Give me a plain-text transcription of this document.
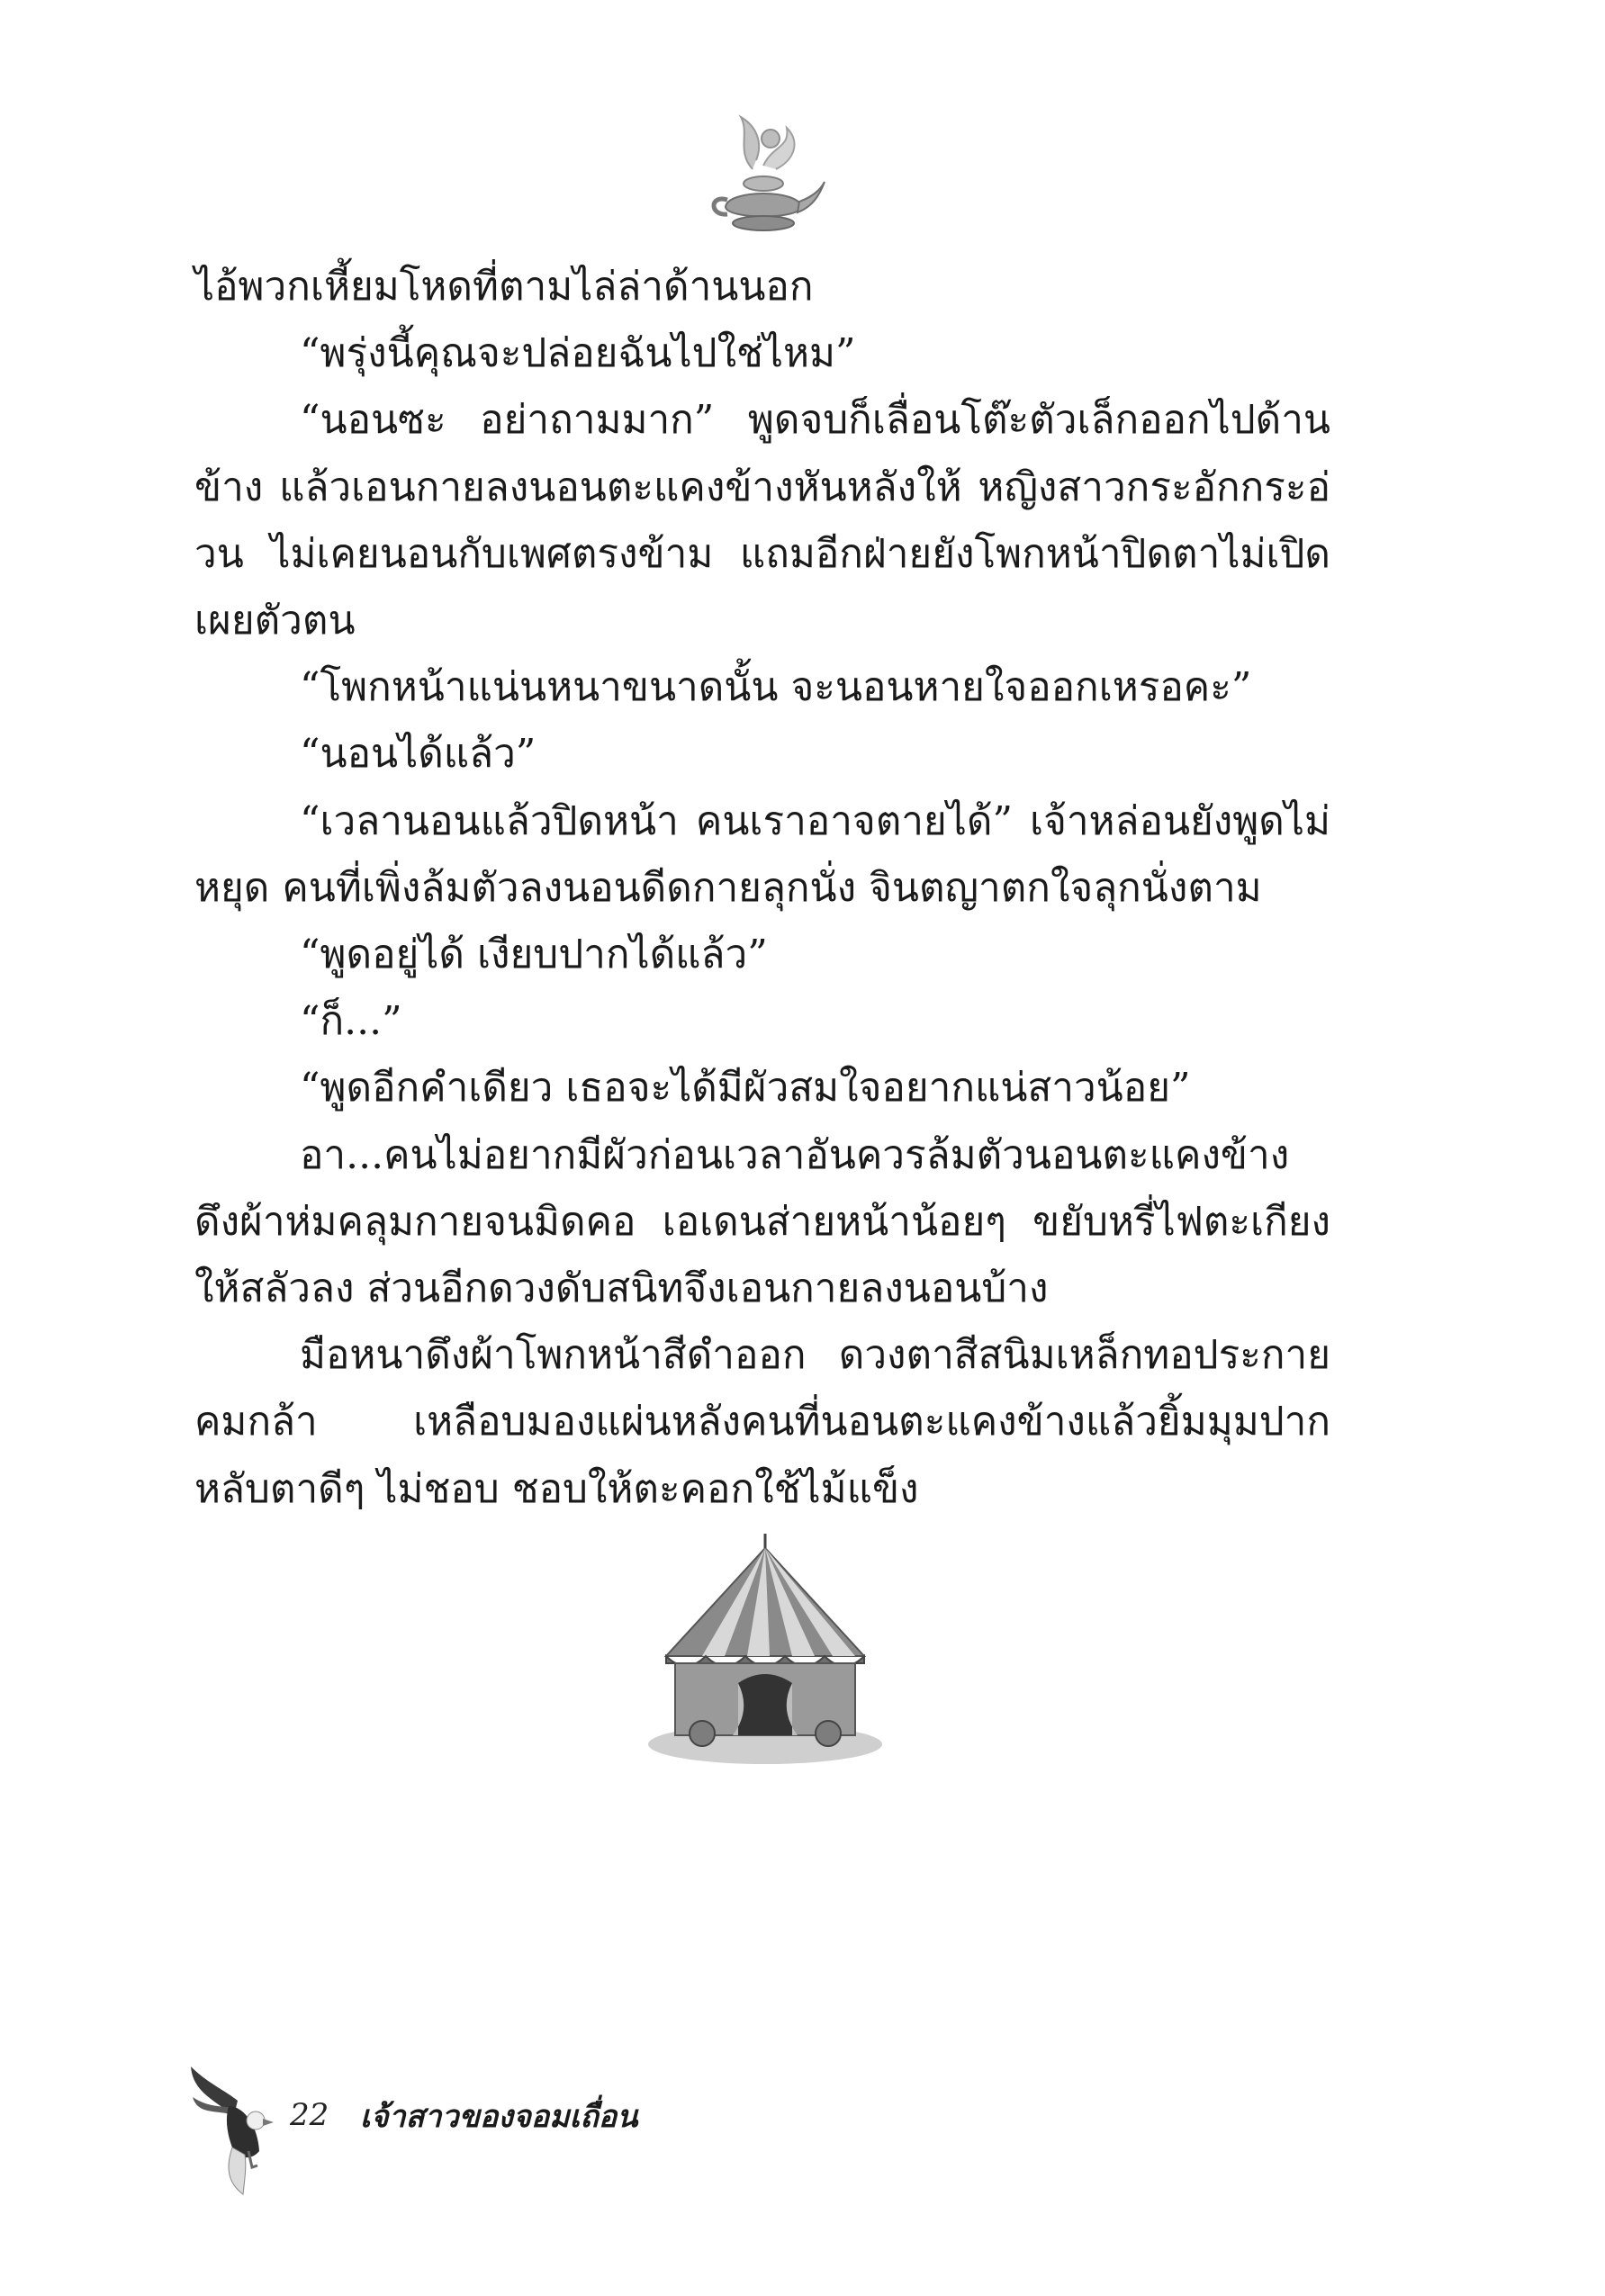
ไอ้พวกเหี้ยมโหดที่ตามไล่ล่าด้านนอก

“พรุ่งนี้คุณจะปล่อยฉันไปใช่ไหม”

“นอนซะ อย่าถามมาก” พูดจบก็เลื่อนโต๊ะตัวเล็กออกไปด้านข้าง แล้วเอนกายลงนอนตะแคงข้างหันหลังให้ หญิงสาวกระอักกระอ่วน ไม่เคยนอนกับเพศตรงข้าม แถมอีกฝ่ายยังโพกหน้าปิดตาไม่เปิดเผยตัวตน

“โพกหน้าแน่นหนาขนาดนั้น จะนอนหายใจออกเหรอคะ”

“นอนได้แล้ว”

“เวลานอนแล้วปิดหน้า คนเราอาจตายได้” เจ้าหล่อนยังพูดไม่หยุด คนที่เพิ่งล้มตัวลงนอนดีดกายลุกนั่ง จินตญาตกใจลุกนั่งตาม

“พูดอยู่ได้ เงียบปากได้แล้ว”

“ก็...”

“พูดอีกคำเดียว เธอจะได้มีผัวสมใจอยากแน่สาวน้อย”

อา...คนไม่อยากมีผัวก่อนเวลาอันควรล้มตัวนอนตะแคงข้าง ดึงผ้าห่มคลุมกายจนมิดคอ เอเดนส่ายหน้าน้อยๆ ขยับหรี่ไฟตะเกียงให้สลัวลง ส่วนอีกดวงดับสนิทจึงเอนกายลงนอนบ้าง

มือหนาดึงผ้าโพกหน้าสีดำออก ดวงตาสีสนิมเหล็กทอประกายคมกล้า เหลือบมองแผ่นหลังคนที่นอนตะแคงข้างแล้วยิ้มมุมปากหลับตาดีๆ ไม่ชอบ ชอบให้ตะคอกใช้ไม้แข็ง

22 เจ้าสาวของจอมเถื่อน
